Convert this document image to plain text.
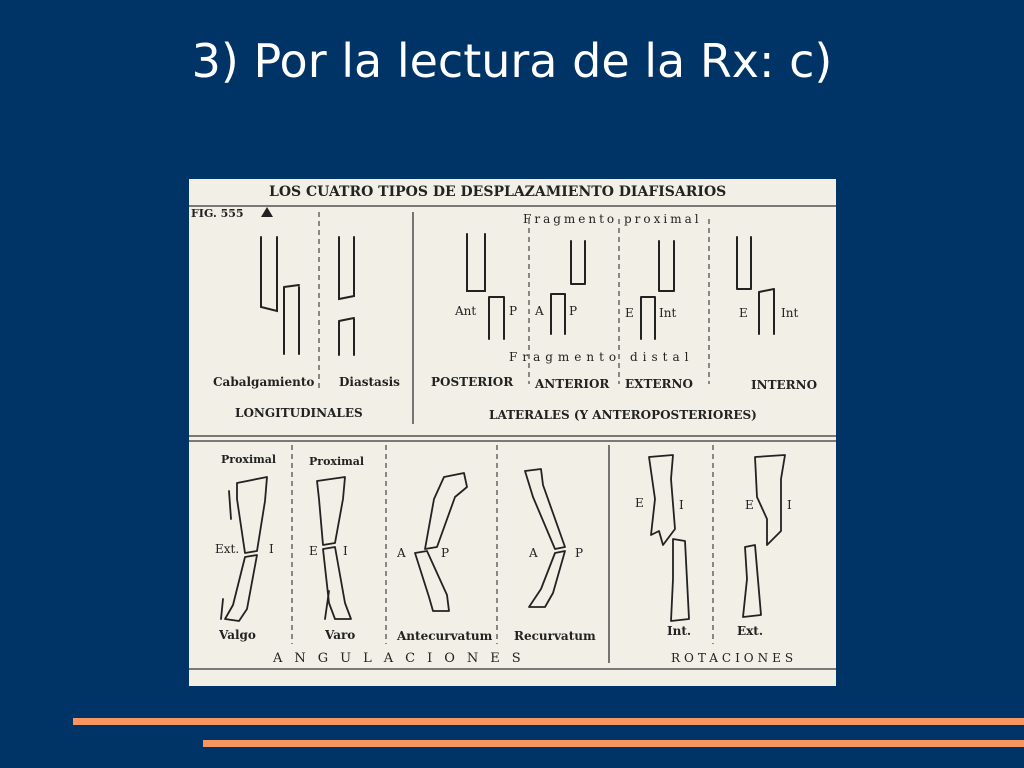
3) Por la lectura de la Rx: c)
LOS CUATRO TIPOS DE DESPLAZAMIENTO DIAFISARIOS
FIG. 555	Fragmento proximal
Fragmento distal
Ant	P A P	E Int	E	Int
Cabalgamiento Diastasis	POSTERIOR ANTERIOR EXTERNO	INTERNO
LONGITUDINALES	LATERALES (Y ANTEROPOSTERIORES)
Proximal	Proximal
Ext. I	E I	A	P	A	P
E	I	E	I
Valgo	Varo	Antecurvatum Recurvatum	Int.	Ext.
ANGULACIONES	ROTACIONES
